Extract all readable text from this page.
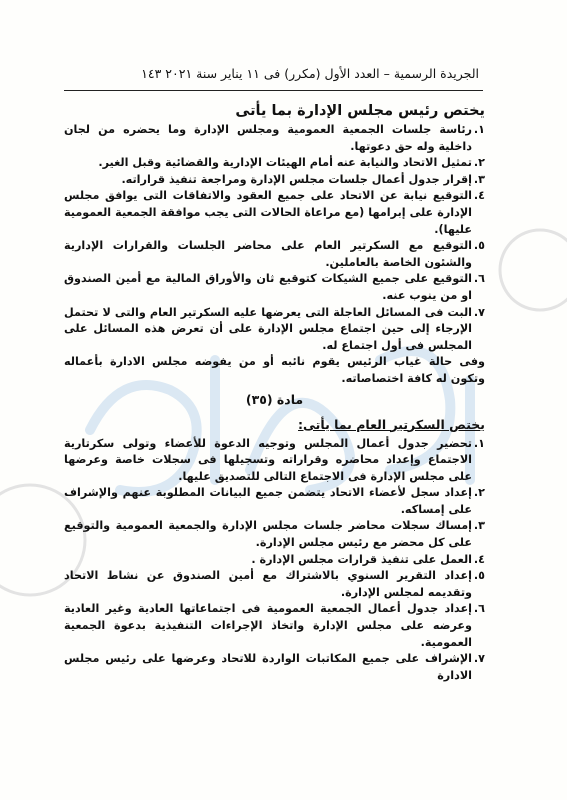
الجريدة الرسمية – العدد الأول (مكرر) فى ١١ يناير سنة ٢٠٢١ ١٤٣
يختص رئيس مجلس الإدارة بما يأتى
١.
رئاسة جلسات الجمعية العمومية ومجلس الإدارة وما يحضره من لجان داخلية وله حق دعوتها.
٢.
تمثيل الاتحاد والنيابة عنه أمام الهيئات الإدارية والقضائية وقبل الغير.
٣.
إقرار جدول أعمال جلسات مجلس الإدارة ومراجعة تنفيذ قراراته.
٤.
التوقيع نيابة عن الاتحاد على جميع العقود والاتفاقات التى يوافق مجلس الإدارة على إبرامها (مع مراعاة الحالات التى يجب موافقة الجمعية العمومية عليها).
٥.
التوقيع مع السكرتير العام على محاضر الجلسات والقرارات الإدارية والشئون الخاصة بالعاملين.
٦.
التوقيع على جميع الشيكات كتوقيع ثان والأوراق المالية مع أمين الصندوق او من ينوب عنه.
٧.
البت فى المسائل العاجلة التى يعرضها عليه السكرتير العام والتى لا تحتمل الإرجاء إلى حين اجتماع مجلس الإدارة على أن تعرض هذه المسائل على المجلس فى أول اجتماع له.

وفى حالة غياب الرئيس يقوم نائبه أو من يفوضه مجلس الادارة بأعماله وتكون له كافة اختصاصاته.

مادة (٣٥)
يختص السكرتير العام بما يأتى:
١.
تحضير جدول أعمال المجلس وتوجيه الدعوة للأعضاء وتولى سكرتارية الاجتماع وإعداد محاضره وقراراته وتسجيلها فى سجلات خاصة وعرضها على مجلس الإدارة فى الاجتماع التالى للتصديق عليها.
٢.
إعداد سجل لأعضاء الاتحاد يتضمن جميع البيانات المطلوبة عنهم والإشراف على إمساكه.
٣.
إمساك سجلات محاضر جلسات مجلس الإدارة والجمعية العمومية والتوقيع على كل محضر مع رئيس مجلس الإدارة.
٤.
العمل على تنفيذ قرارات مجلس الإدارة .
٥.
إعداد التقرير السنوي بالاشتراك مع أمين الصندوق عن نشاط الاتحاد وتقديمه لمجلس الإدارة.
٦.
إعداد جدول أعمال الجمعية العمومية فى اجتماعاتها العادية وغير العادية وعرضه على مجلس الإدارة واتخاذ الإجراءات التنفيذية بدعوة الجمعية العمومية.
٧.
الإشراف على جميع المكاتبات الواردة للاتحاد وعرضها على رئيس مجلس الادارة
